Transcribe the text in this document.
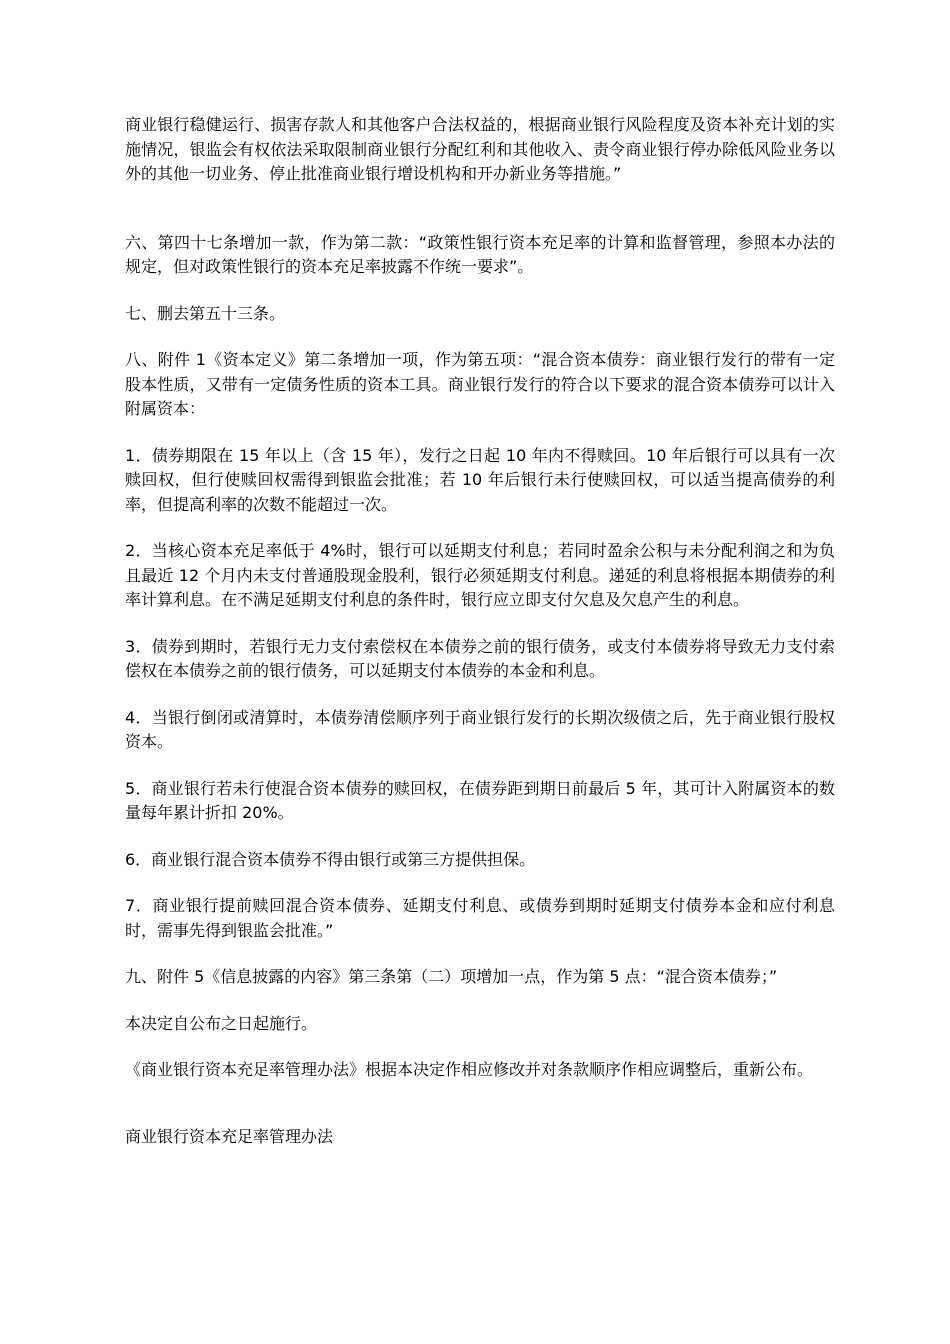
商业银行稳健运行、损害存款人和其他客户合法权益的，根据商业银行风险程度及资本补充计划的实施情况，银监会有权依法采取限制商业银行分配红利和其他收入、责令商业银行停办除低风险业务以外的其他一切业务、停止批准商业银行增设机构和开办新业务等措施。”

六、第四十七条增加一款，作为第二款：“政策性银行资本充足率的计算和监督管理，参照本办法的规定，但对政策性银行的资本充足率披露不作统一要求”。

七、删去第五十三条。

八、附件 1《资本定义》第二条增加一项，作为第五项：“混合资本债券：商业银行发行的带有一定股本性质，又带有一定债务性质的资本工具。商业银行发行的符合以下要求的混合资本债券可以计入附属资本：

1．债券期限在 15 年以上（含 15 年），发行之日起 10 年内不得赎回。10 年后银行可以具有一次赎回权，但行使赎回权需得到银监会批准；若 10 年后银行未行使赎回权，可以适当提高债券的利率，但提高利率的次数不能超过一次。

2．当核心资本充足率低于 4%时，银行可以延期支付利息；若同时盈余公积与未分配利润之和为负且最近 12 个月内未支付普通股现金股利，银行必须延期支付利息。递延的利息将根据本期债券的利率计算利息。在不满足延期支付利息的条件时，银行应立即支付欠息及欠息产生的利息。

3．债券到期时，若银行无力支付索偿权在本债券之前的银行债务，或支付本债券将导致无力支付索偿权在本债券之前的银行债务，可以延期支付本债券的本金和利息。

4．当银行倒闭或清算时，本债券清偿顺序列于商业银行发行的长期次级债之后，先于商业银行股权资本。

5．商业银行若未行使混合资本债券的赎回权，在债券距到期日前最后 5 年，其可计入附属资本的数量每年累计折扣 20%。

6．商业银行混合资本债券不得由银行或第三方提供担保。

7．商业银行提前赎回混合资本债券、延期支付利息、或债券到期时延期支付债券本金和应付利息时，需事先得到银监会批准。”

九、附件 5《信息披露的内容》第三条第（二）项增加一点，作为第 5 点：“混合资本债券；”

本决定自公布之日起施行。

《商业银行资本充足率管理办法》根据本决定作相应修改并对条款顺序作相应调整后，重新公布。

商业银行资本充足率管理办法
